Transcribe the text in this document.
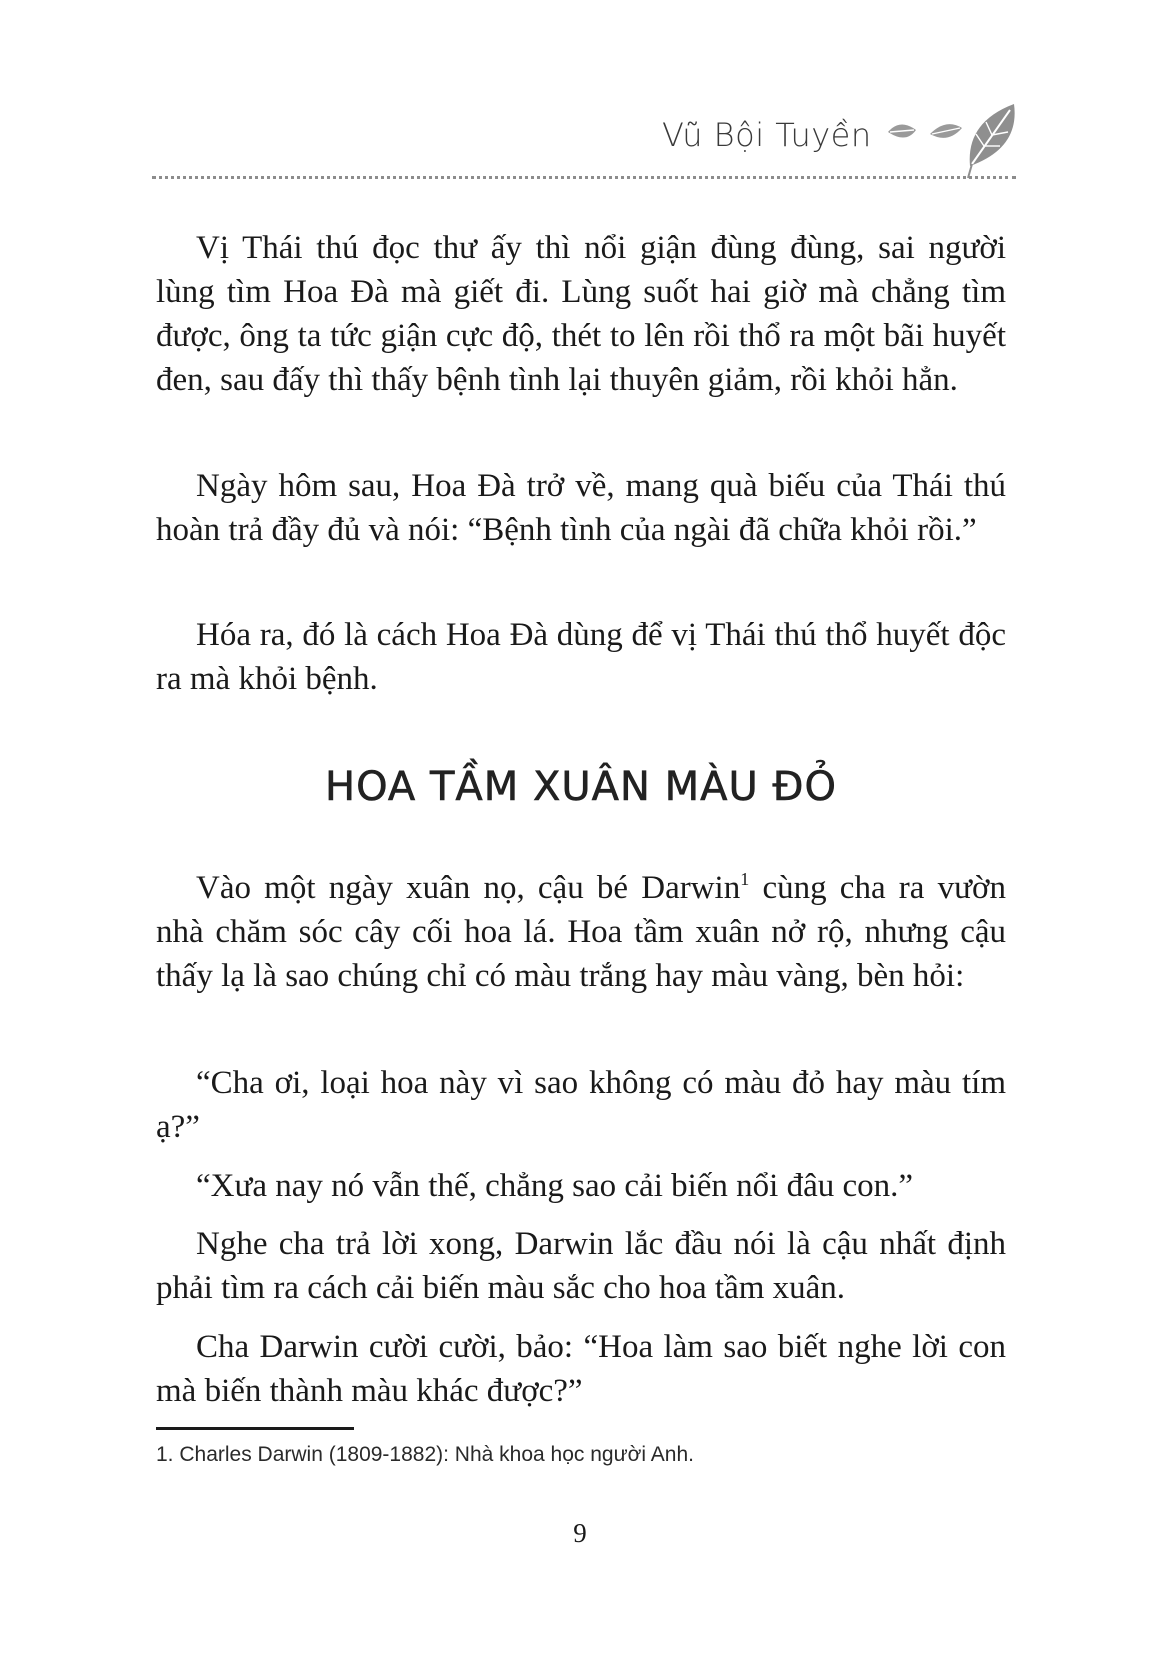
Vũ Bội Tuyền

Vị Thái thú đọc thư ấy thì nổi giận đùng đùng, sai người lùng tìm Hoa Đà mà giết đi. Lùng suốt hai giờ mà chẳng tìm được, ông ta tức giận cực độ, thét to lên rồi thổ ra một bãi huyết đen, sau đấy thì thấy bệnh tình lại thuyên giảm, rồi khỏi hẳn.

Ngày hôm sau, Hoa Đà trở về, mang quà biếu của Thái thú hoàn trả đầy đủ và nói: “Bệnh tình của ngài đã chữa khỏi rồi.”

Hóa ra, đó là cách Hoa Đà dùng để vị Thái thú thổ huyết độc ra mà khỏi bệnh.

HOA TẦM XUÂN MÀU ĐỎ

Vào một ngày xuân nọ, cậu bé Darwin$^1$ cùng cha ra vườn nhà chăm sóc cây cối hoa lá. Hoa tầm xuân nở rộ, nhưng cậu thấy lạ là sao chúng chỉ có màu trắng hay màu vàng, bèn hỏi:

“Cha ơi, loại hoa này vì sao không có màu đỏ hay màu tím ạ?”

“Xưa nay nó vẫn thế, chẳng sao cải biến nổi đâu con.”

Nghe cha trả lời xong, Darwin lắc đầu nói là cậu nhất định phải tìm ra cách cải biến màu sắc cho hoa tầm xuân.

Cha Darwin cười cười, bảo: “Hoa làm sao biết nghe lời con mà biến thành màu khác được?”

1. Charles Darwin (1809-1882): Nhà khoa học người Anh.

9
